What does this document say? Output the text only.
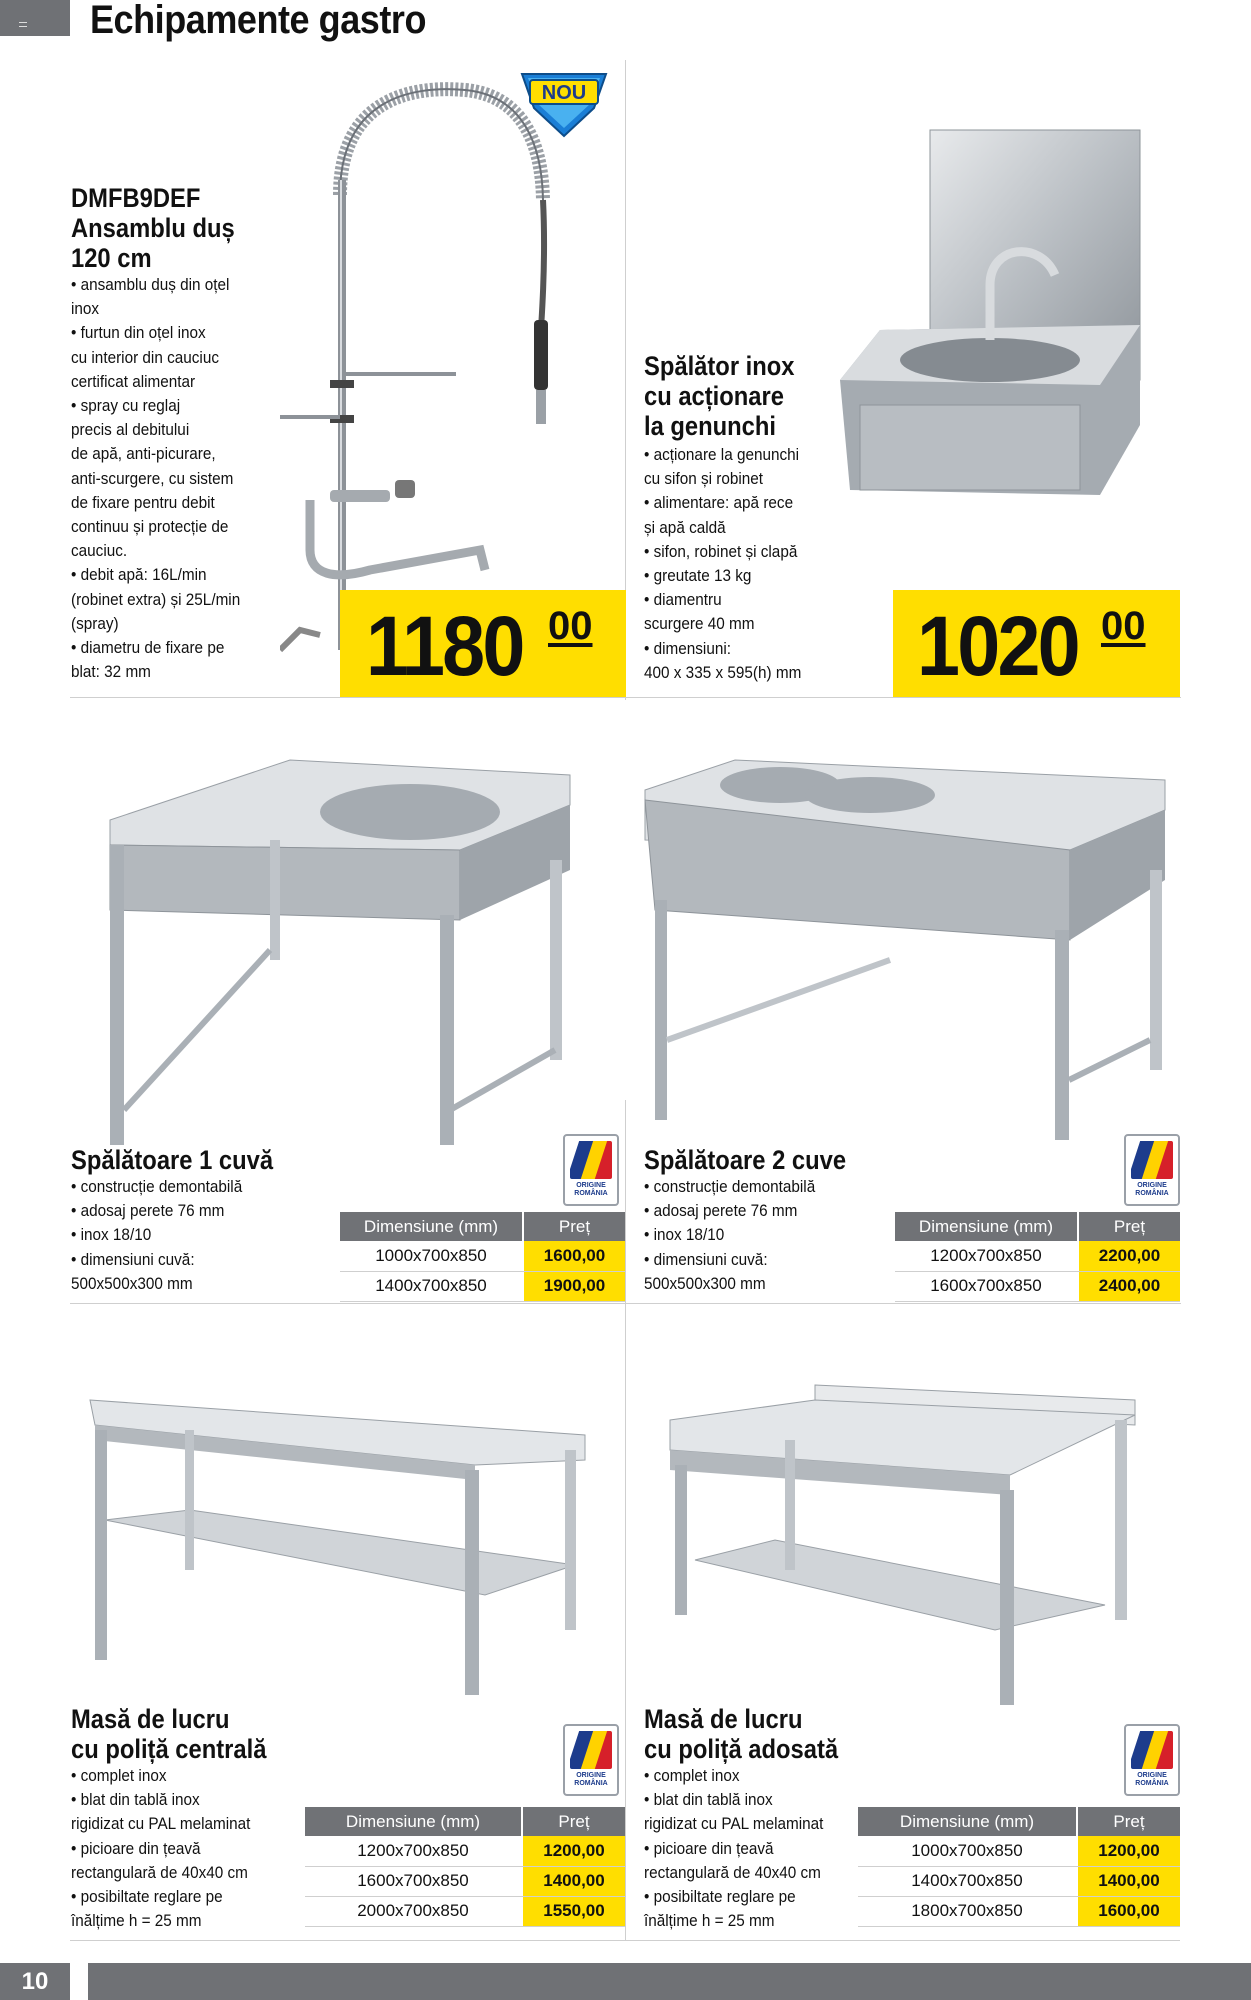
Echipamente gastro
NOU
DMFB9DEF
Ansamblu duș
120 cm
• ansamblu duș din oțel
inox
• furtun din oțel inox
cu interior din cauciuc
certificat alimentar
• spray cu reglaj
precis al debitului
de apă, anti-picurare,
anti-scurgere, cu sistem
de fixare pentru debit
continuu și protecție de
cauciuc.
• debit apă: 16L/min
(robinet extra) și 25L/min
(spray)
• diametru de fixare pe
blat: 32 mm	1180 00
Spălător inox
cu acționare
la genunchi
• acționare la genunchi
cu sifon și robinet
• alimentare: apă rece
și apă caldă
• sifon, robinet și clapă
• greutate 13 kg
• diamentru
scurgere 40 mm
• dimensiuni:
400 x 335 x 595(h) mm 1020 00
Spălătoare 1 cuvă
• construcție demontabilă
• adosaj perete 76 mm
• inox 18/10
• dimensiuni cuvă:
500x500x300 mm
ORIGINE
ROMÂNIA
Dimensiune (mm)		Preț
1000x700x850		1600,00
1400x700x850		1900,00
Spălătoare 2 cuve
• construcție demontabilă
• adosaj perete 76 mm
• inox 18/10
• dimensiuni cuvă:
500x500x300 mm
ORIGINE
ROMÂNIA
Dimensiune (mm)		Preț
1200x700x850		2200,00
1600x700x850		2400,00
Masă de lucru
cu poliță centrală
• complet inox
• blat din tablă inox
rigidizat cu PAL melaminat
• picioare din țeavă
rectangulară de 40x40 cm
• posibiltate reglare pe
înălțime h = 25 mm
ORIGINE
ROMÂNIA
Dimensiune (mm)		Preț
1200x700x850		1200,00
1600x700x850		1400,00
2000x700x850		1550,00
Masă de lucru
cu poliță adosată
• complet inox
• blat din tablă inox
rigidizat cu PAL melaminat
• picioare din țeavă
rectangulară de 40x40 cm
• posibiltate reglare pe
înălțime h = 25 mm
ORIGINE
ROMÂNIA
Dimensiune (mm)		Preț
1000x700x850		1200,00
1400x700x850		1400,00
1800x700x850		1600,00
10
